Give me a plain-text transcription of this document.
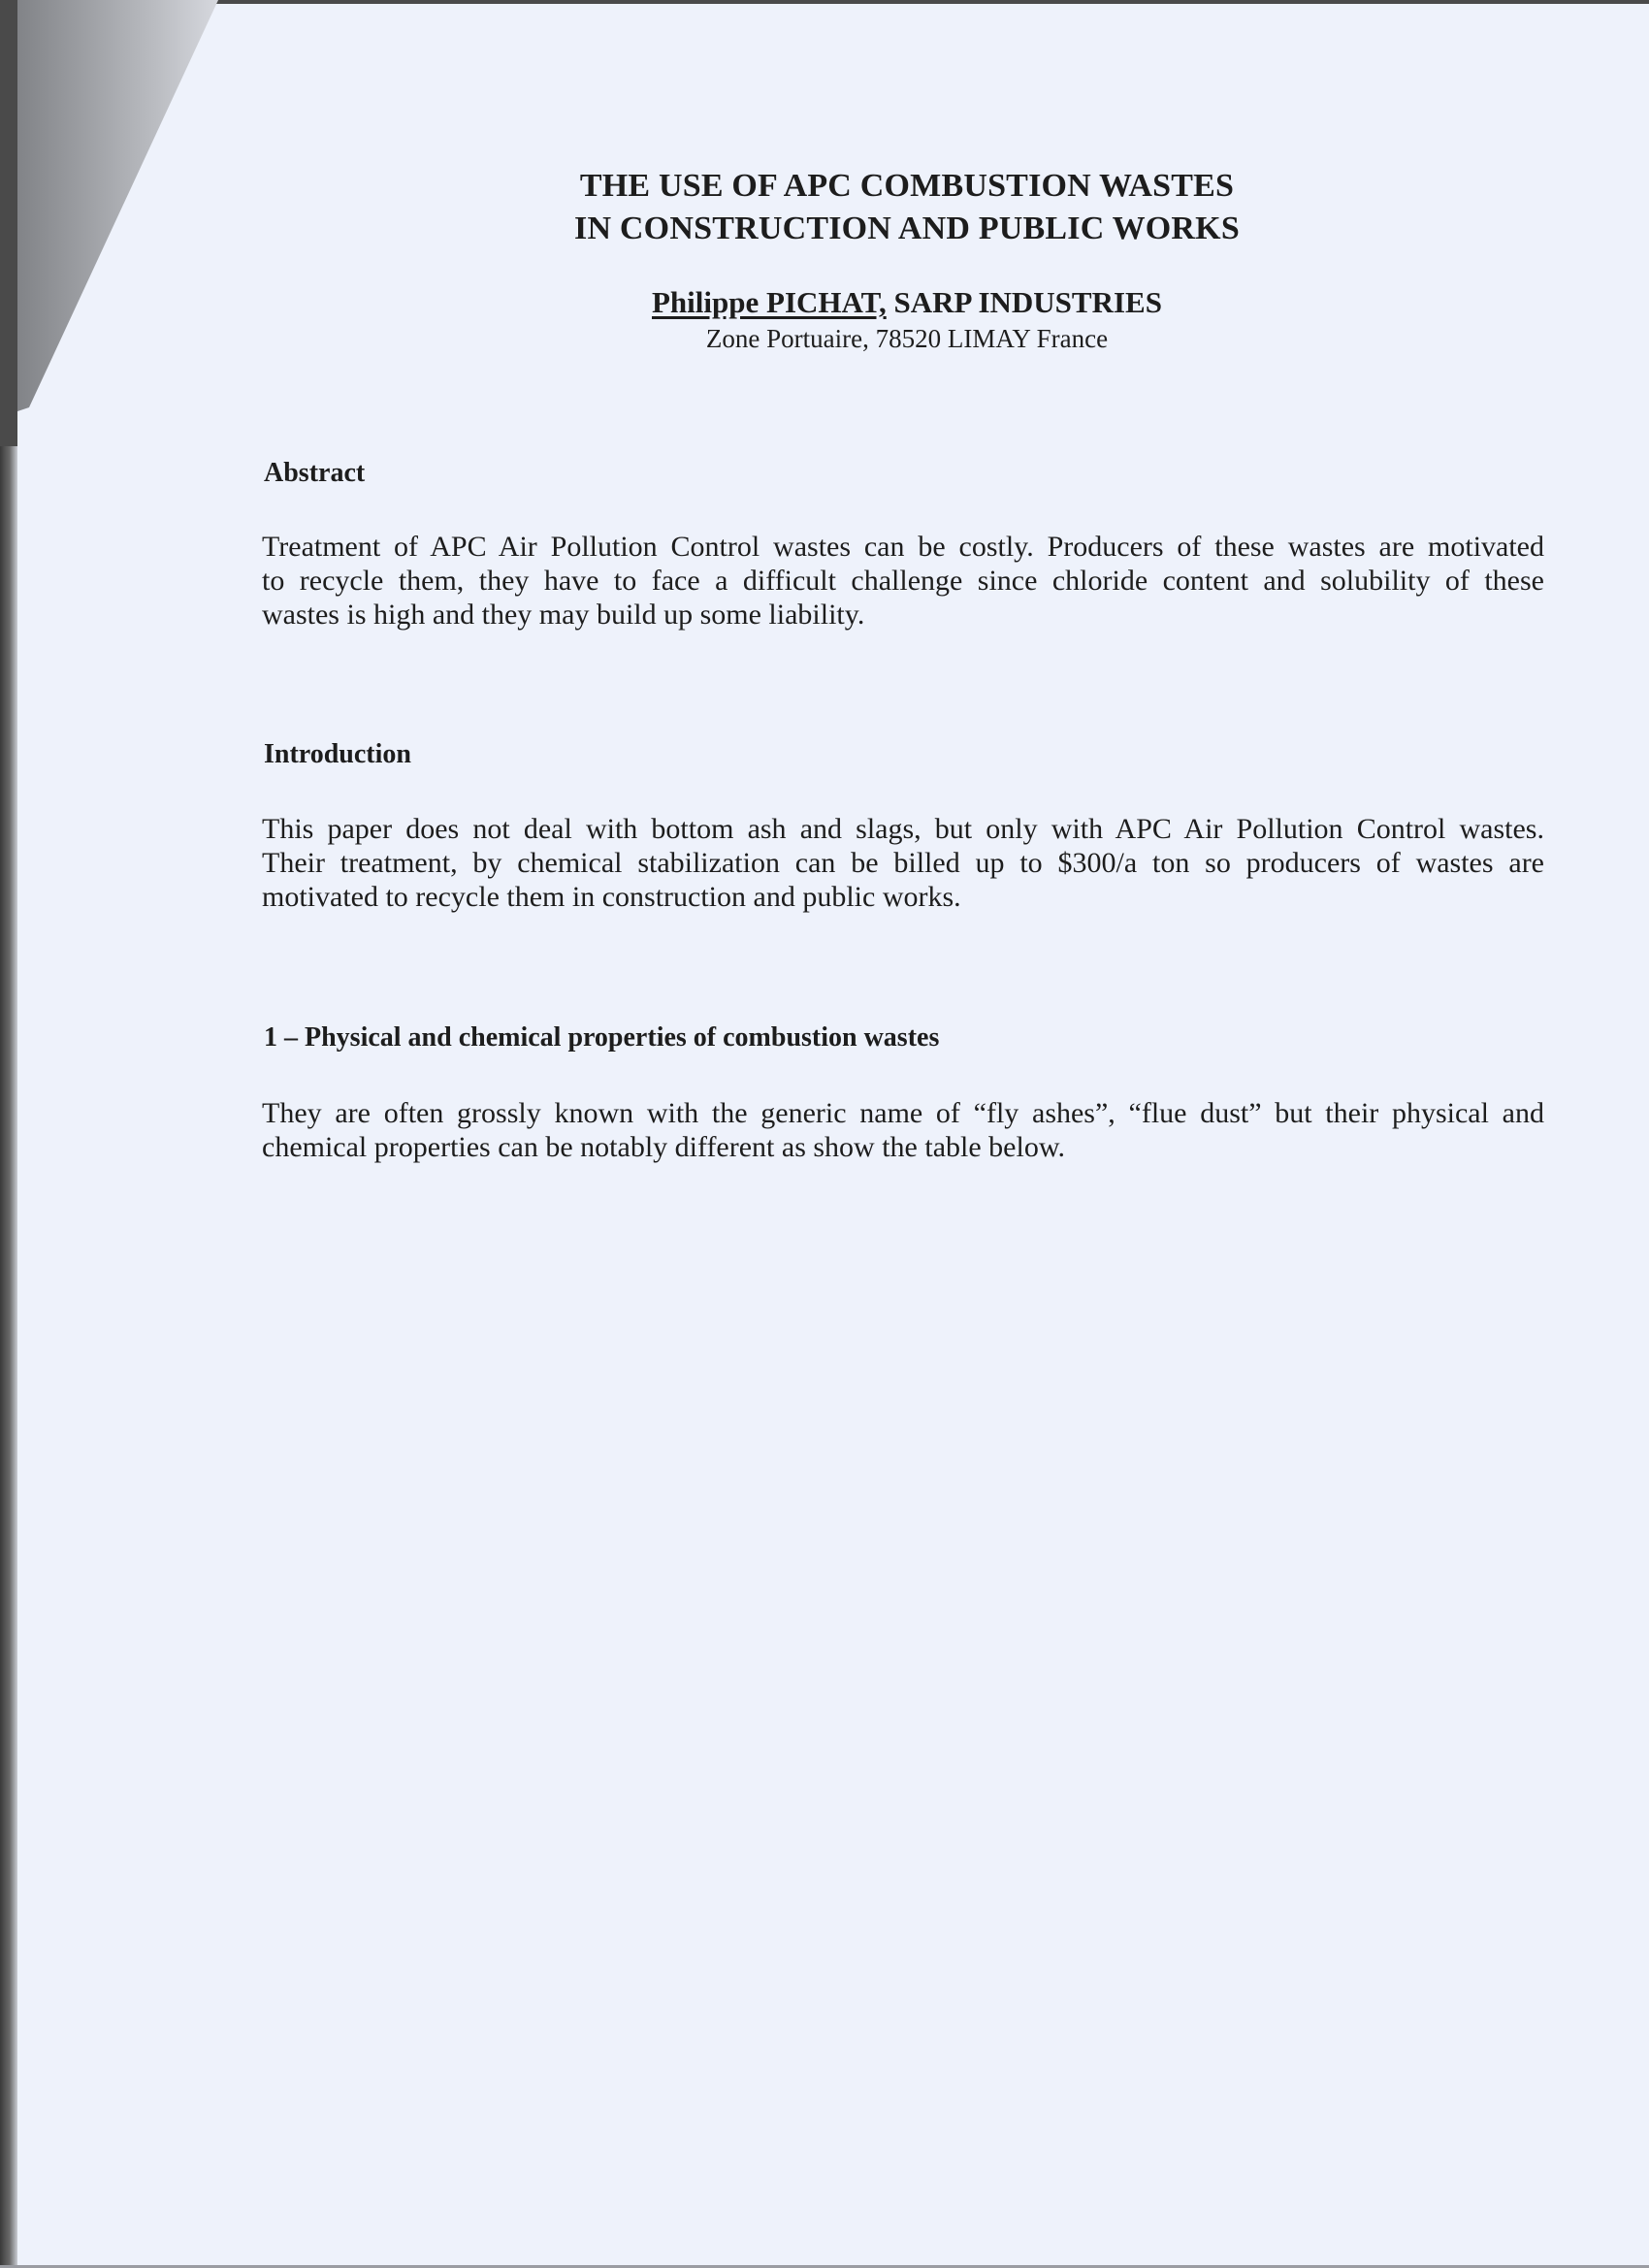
THE USE OF APC COMBUSTION WASTES
IN CONSTRUCTION AND PUBLIC WORKS
Philippe PICHAT, SARP INDUSTRIES
Zone Portuaire, 78520 LIMAY France
Abstract
Treatment of APC Air Pollution Control wastes can be costly. Producers of these wastes are motivated
to recycle them, they have to face a difficult challenge since chloride content and solubility of these
wastes is high and they may build up some liability.
Introduction
This paper does not deal with bottom ash and slags, but only with APC Air Pollution Control wastes.
Their treatment, by chemical stabilization can be billed up to $300/a ton so producers of wastes are
motivated to recycle them in construction and public works.
1 – Physical and chemical properties of combustion wastes
They are often grossly known with the generic name of “fly ashes”, “flue dust” but their physical and
chemical properties can be notably different as show the table below.
